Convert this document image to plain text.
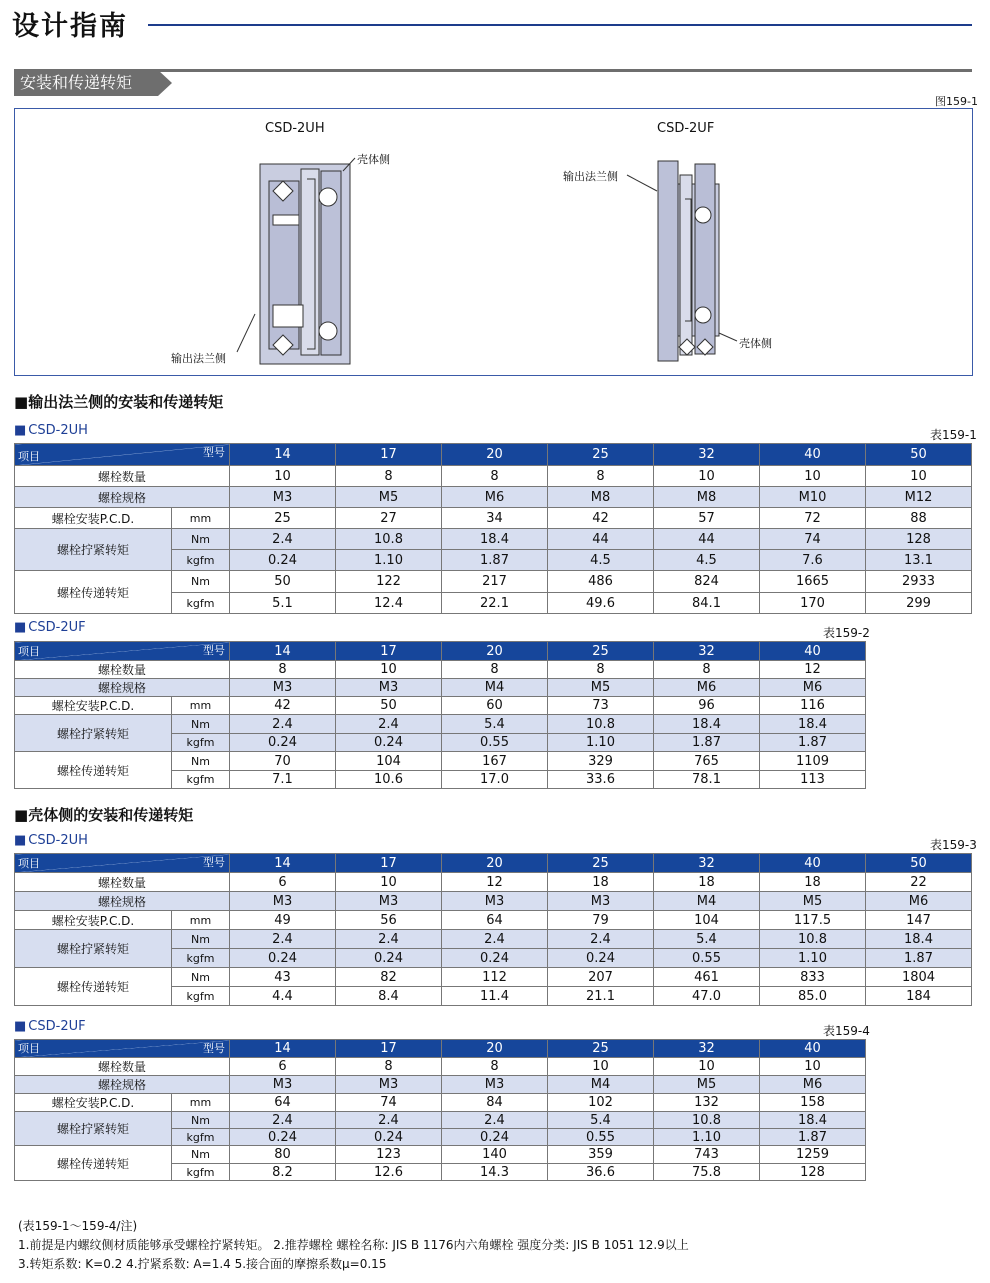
设计指南
安装和传递转矩
图159-1
CSD-2UH	CSD-2UF
壳体侧
输出法兰侧
输出法兰侧
壳体侧
■输出法兰侧的安装和传递转矩
■ CSD-2UH	表159-1
项目 型号		14	17	20	25	32	40	50
螺栓数量		10	8	8	8	10	10	10
螺栓规格		M3	M5	M6	M8	M8	M10	M12
螺栓安装P.C.D.	mm	25	27	34	42	57	72	88
螺栓拧紧转矩	Nm	2.4	10.8	18.4	44	44	74	128
	kgfm	0.24	1.10	1.87	4.5	4.5	7.6	13.1
螺栓传递转矩	Nm	50	122	217	486	824	1665	2933
	kgfm	5.1	12.4	22.1	49.6	84.1	170	299
■ CSD-2UF	表159-2
项目 型号		14	17	20	25	32	40
螺栓数量		8	10	8	8	8	12
螺栓规格		M3	M3	M4	M5	M6	M6
螺栓安装P.C.D.	mm	42	50	60	73	96	116
螺栓拧紧转矩	Nm	2.4	2.4	5.4	10.8	18.4	18.4
	kgfm	0.24	0.24	0.55	1.10	1.87	1.87
螺栓传递转矩	Nm	70	104	167	329	765	1109
	kgfm	7.1	10.6	17.0	33.6	78.1	113
■壳体侧的安装和传递转矩
■ CSD-2UH	表159-3
项目 型号		14	17	20	25	32	40	50
螺栓数量		6	10	12	18	18	18	22
螺栓规格		M3	M3	M3	M3	M4	M5	M6
螺栓安装P.C.D.	mm	49	56	64	79	104	117.5	147
螺栓拧紧转矩	Nm	2.4	2.4	2.4	2.4	5.4	10.8	18.4
	kgfm	0.24	0.24	0.24	0.24	0.55	1.10	1.87
螺栓传递转矩	Nm	43	82	112	207	461	833	1804
	kgfm	4.4	8.4	11.4	21.1	47.0	85.0	184
■ CSD-2UF	表159-4
项目 型号		14	17	20	25	32	40
螺栓数量		6	8	8	10	10	10
螺栓规格		M3	M3	M3	M4	M5	M6
螺栓安装P.C.D.	mm	64	74	84	102	132	158
螺栓拧紧转矩	Nm	2.4	2.4	2.4	5.4	10.8	18.4
	kgfm	0.24	0.24	0.24	0.55	1.10	1.87
螺栓传递转矩	Nm	80	123	140	359	743	1259
	kgfm	8.2	12.6	14.3	36.6	75.8	128
(表159-1～159-4/注)
1.前提是内螺纹侧材质能够承受螺栓拧紧转矩。 2.推荐螺栓 螺栓名称: JIS B 1176内六角螺栓 强度分类: JIS B 1051 12.9以上
3.转矩系数: K=0.2 4.拧紧系数: A=1.4 5.接合面的摩擦系数μ=0.15
